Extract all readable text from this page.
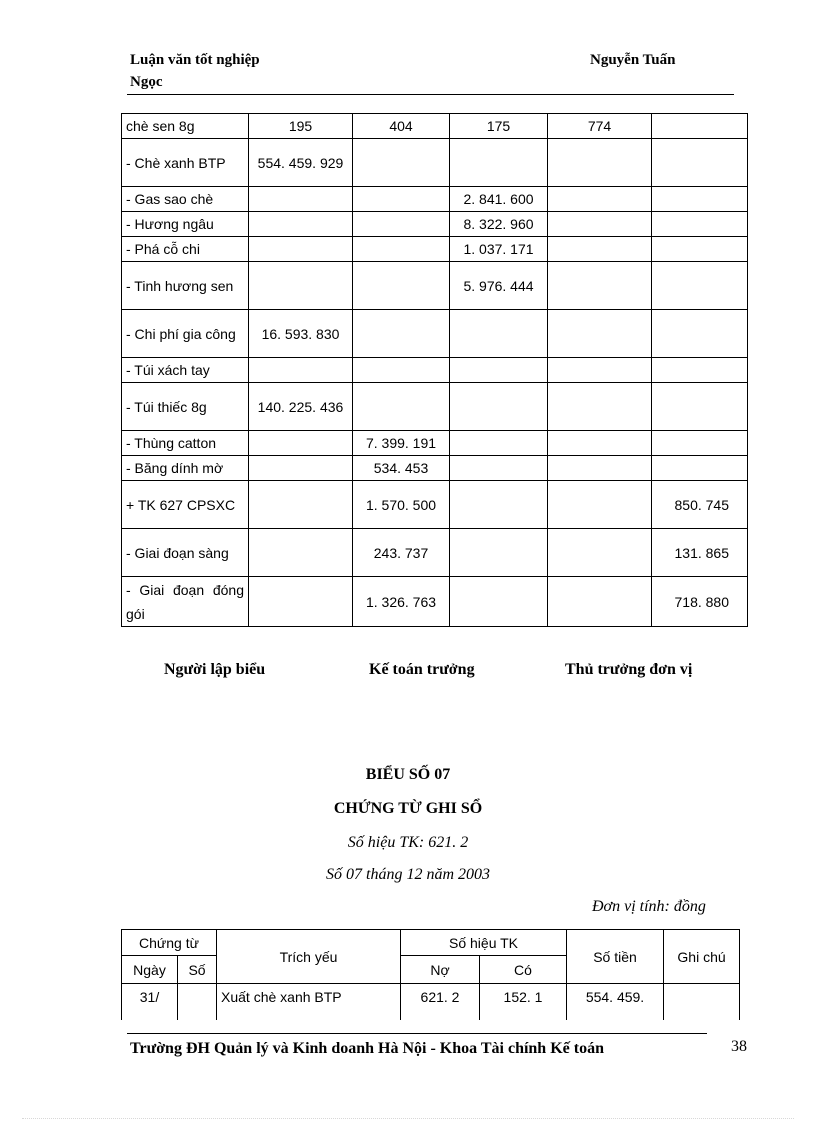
Luận văn tốt nghiệp
Ngọc
Nguyễn Tuấn
chè sen 8g	195	404	175	774	
- Chè xanh BTP	554. 459. 929				
- Gas sao chè			2. 841. 600		
- Hương ngâu			8. 322. 960		
- Phá cỗ chi			1. 037. 171		
- Tinh hương sen			5. 976. 444		
- Chi phí gia công	16. 593. 830				
- Túi xách tay					
- Túi thiếc 8g	140. 225. 436				
- Thùng catton		7. 399. 191			
- Băng dính mờ		534. 453			
+ TK 627 CPSXC		1. 570. 500			850. 745
- Giai đoạn sàng		243. 737			131. 865
- Giai đoạn đóng gói		1. 326. 763			718. 880
Người lập biểu	Kế toán trưởng	Thủ trưởng đơn vị
BIỂU SỐ 07
CHỨNG TỪ GHI SỔ
Số hiệu TK: 621. 2
Số 07 tháng 12 năm 2003
Đơn vị tính: đồng
Chứng từ		Trích yếu	Số hiệu TK		Số tiền	Ghi chú
Ngày	Số		Nợ	Có		
31/		Xuất chè xanh BTP	621. 2	152. 1	554. 459.	
Trường ĐH Quản lý và Kinh doanh Hà Nội - Khoa Tài chính Kế toán	38
